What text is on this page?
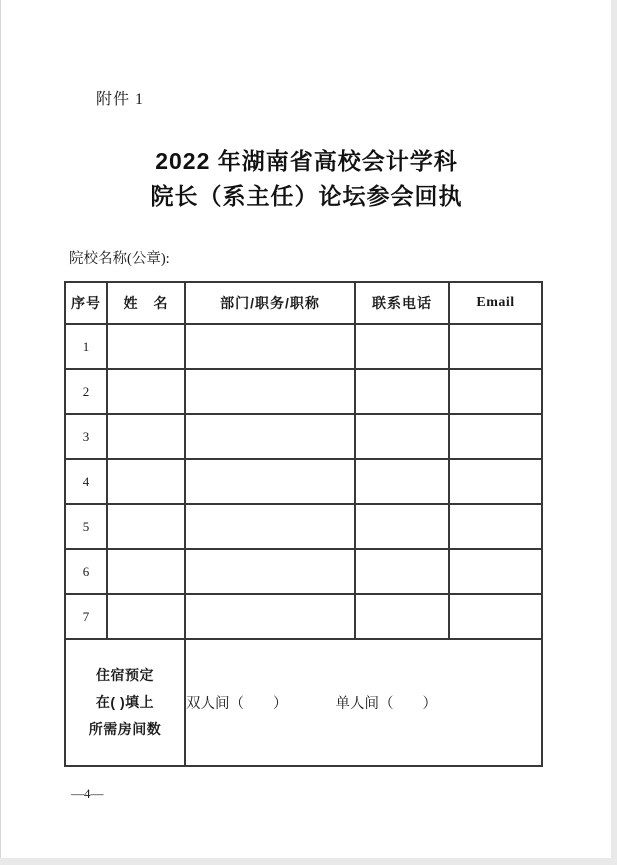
附件 1
2022 年湖南省高校会计学科
院长（系主任）论坛参会回执
院校名称(公章):
序号	姓　名	部门/职务/职称	联系电话	Email
1				
2				
3				
4				
5				
6				
7				

住宿预定
在( )填上
所需房间数		双人间（　　） 单人间（　　）		
—4—
